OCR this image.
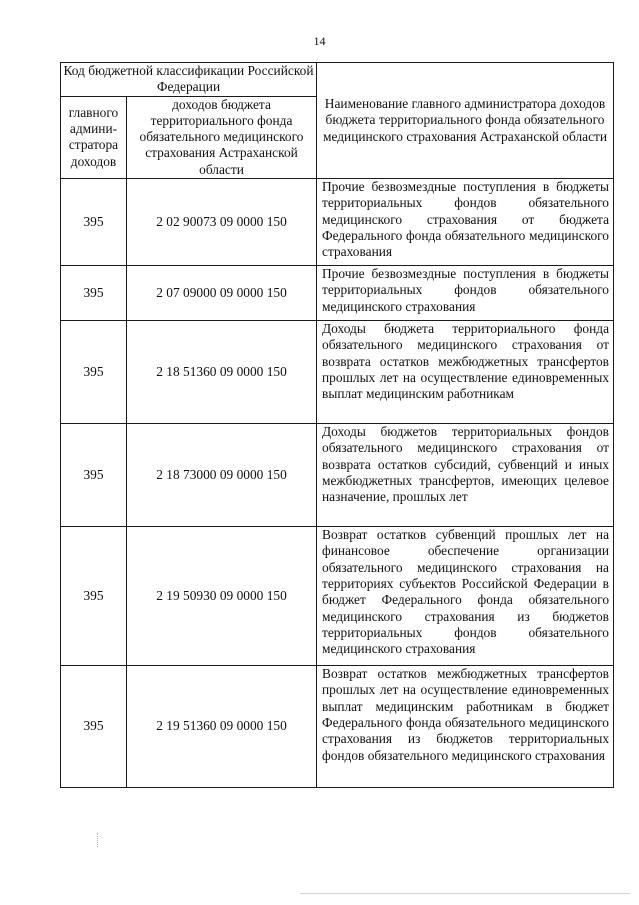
14
Код бюджетной классификации Российской Федерации		Наименование главного администратора доходов бюджета территориального фонда обязательного медицинского страхования Астраханской области
главного админи-стратора доходов	доходов бюджета территориального фонда обязательного медицинского страхования Астраханской области	
395	2 02 90073 09 0000 150	Прочие безвозмездные поступления в бюджеты территориальных фондов обязательного медицинского страхования от бюджета Федерального фонда обязательного медицинского страхования
395	2 07 09000 09 0000 150	Прочие безвозмездные поступления в бюджеты территориальных фондов обязательного медицинского страхования
395	2 18 51360 09 0000 150	Доходы бюджета территориального фонда обязательного медицинского страхования от возврата остатков межбюджетных трансфертов прошлых лет на осуществление единовременных выплат медицинским работникам
395	2 18 73000 09 0000 150	Доходы бюджетов территориальных фондов обязательного медицинского страхования от возврата остатков субсидий, субвенций и иных межбюджетных трансфертов, имеющих целевое назначение, прошлых лет
395	2 19 50930 09 0000 150	Возврат остатков субвенций прошлых лет на финансовое обеспечение организации обязательного медицинского страхования на территориях субъектов Российской Федерации в бюджет Федерального фонда обязательного медицинского страхования из бюджетов территориальных фондов обязательного медицинского страхования
395	2 19 51360 09 0000 150	Возврат остатков межбюджетных трансфертов прошлых лет на осуществление единовременных выплат медицинским работникам в бюджет Федерального фонда обязательного медицинского страхования из бюджетов территориальных фондов обязательного медицинского страхования
